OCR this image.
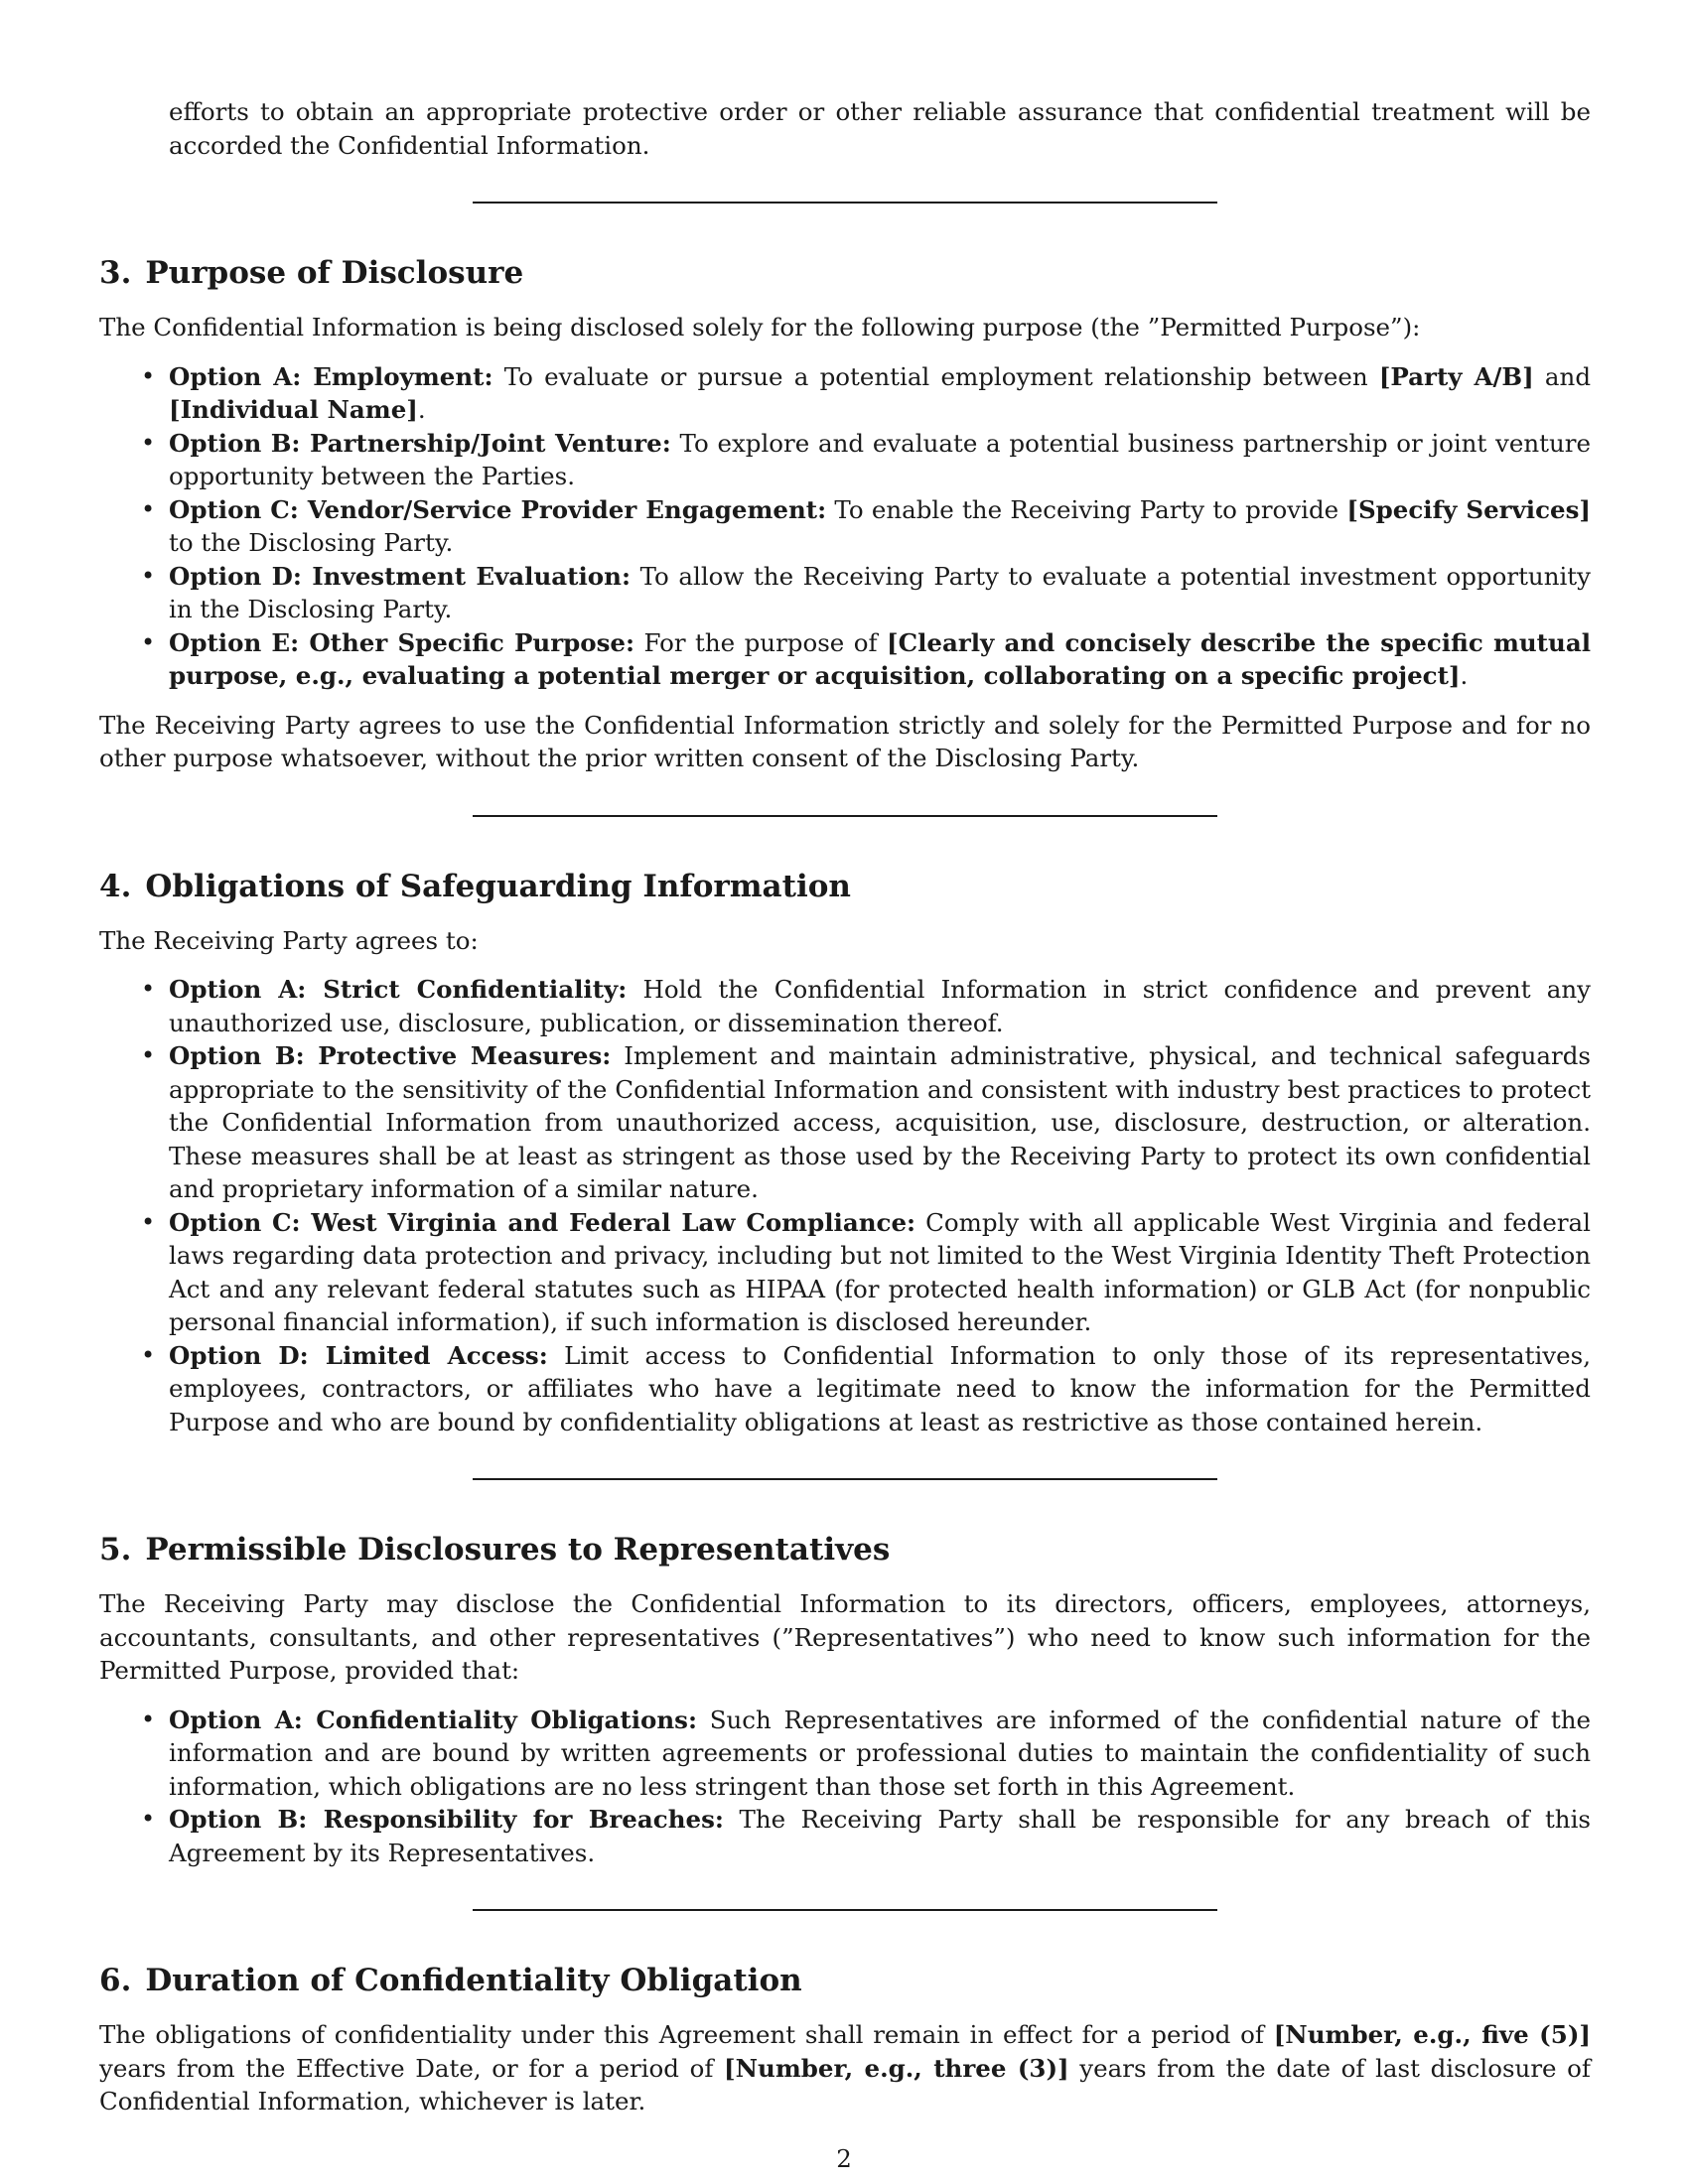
efforts to obtain an appropriate protective order or other reliable assurance that confidential treatment will be accorded the Confidential Information.

3. Purpose of Disclosure

The Confidential Information is being disclosed solely for the following purpose (the ”Permitted Purpose”):

• Option A: Employment: To evaluate or pursue a potential employment relationship between [Party A/B] and [Individual Name].
• Option B: Partnership/Joint Venture: To explore and evaluate a potential business partnership or joint venture opportunity between the Parties.
• Option C: Vendor/Service Provider Engagement: To enable the Receiving Party to provide [Specify Services] to the Disclosing Party.
• Option D: Investment Evaluation: To allow the Receiving Party to evaluate a potential investment opportunity in the Disclosing Party.
• Option E: Other Specific Purpose: For the purpose of [Clearly and concisely describe the specific mutual purpose, e.g., evaluating a potential merger or acquisition, collaborating on a specific project].

The Receiving Party agrees to use the Confidential Information strictly and solely for the Permitted Purpose and for no other purpose whatsoever, without the prior written consent of the Disclosing Party.

4. Obligations of Safeguarding Information

The Receiving Party agrees to:

• Option A: Strict Confidentiality: Hold the Confidential Information in strict confidence and prevent any unauthorized use, disclosure, publication, or dissemination thereof.
• Option B: Protective Measures: Implement and maintain administrative, physical, and technical safeguards appropriate to the sensitivity of the Confidential Information and consistent with industry best practices to protect the Confidential Information from unauthorized access, acquisition, use, disclosure, destruction, or alteration. These measures shall be at least as stringent as those used by the Receiving Party to protect its own confidential and proprietary information of a similar nature.
• Option C: West Virginia and Federal Law Compliance: Comply with all applicable West Virginia and federal laws regarding data protection and privacy, including but not limited to the West Virginia Identity Theft Protection Act and any relevant federal statutes such as HIPAA (for protected health information) or GLB Act (for nonpublic personal financial information), if such information is disclosed hereunder.
• Option D: Limited Access: Limit access to Confidential Information to only those of its representatives, employees, contractors, or affiliates who have a legitimate need to know the information for the Permitted Purpose and who are bound by confidentiality obligations at least as restrictive as those contained herein.
5. Permissible Disclosures to Representatives

The Receiving Party may disclose the Confidential Information to its directors, officers, employees, attorneys, accountants, consultants, and other representatives (”Representatives”) who need to know such information for the Permitted Purpose, provided that:

• Option A: Confidentiality Obligations: Such Representatives are informed of the confidential nature of the information and are bound by written agreements or professional duties to maintain the confidentiality of such information, which obligations are no less stringent than those set forth in this Agreement.
• Option B: Responsibility for Breaches: The Receiving Party shall be responsible for any breach of this Agreement by its Representatives.
6. Duration of Confidentiality Obligation

The obligations of confidentiality under this Agreement shall remain in effect for a period of [Number, e.g., five (5)] years from the Effective Date, or for a period of [Number, e.g., three (3)] years from the date of last disclosure of Confidential Information, whichever is later.

2
